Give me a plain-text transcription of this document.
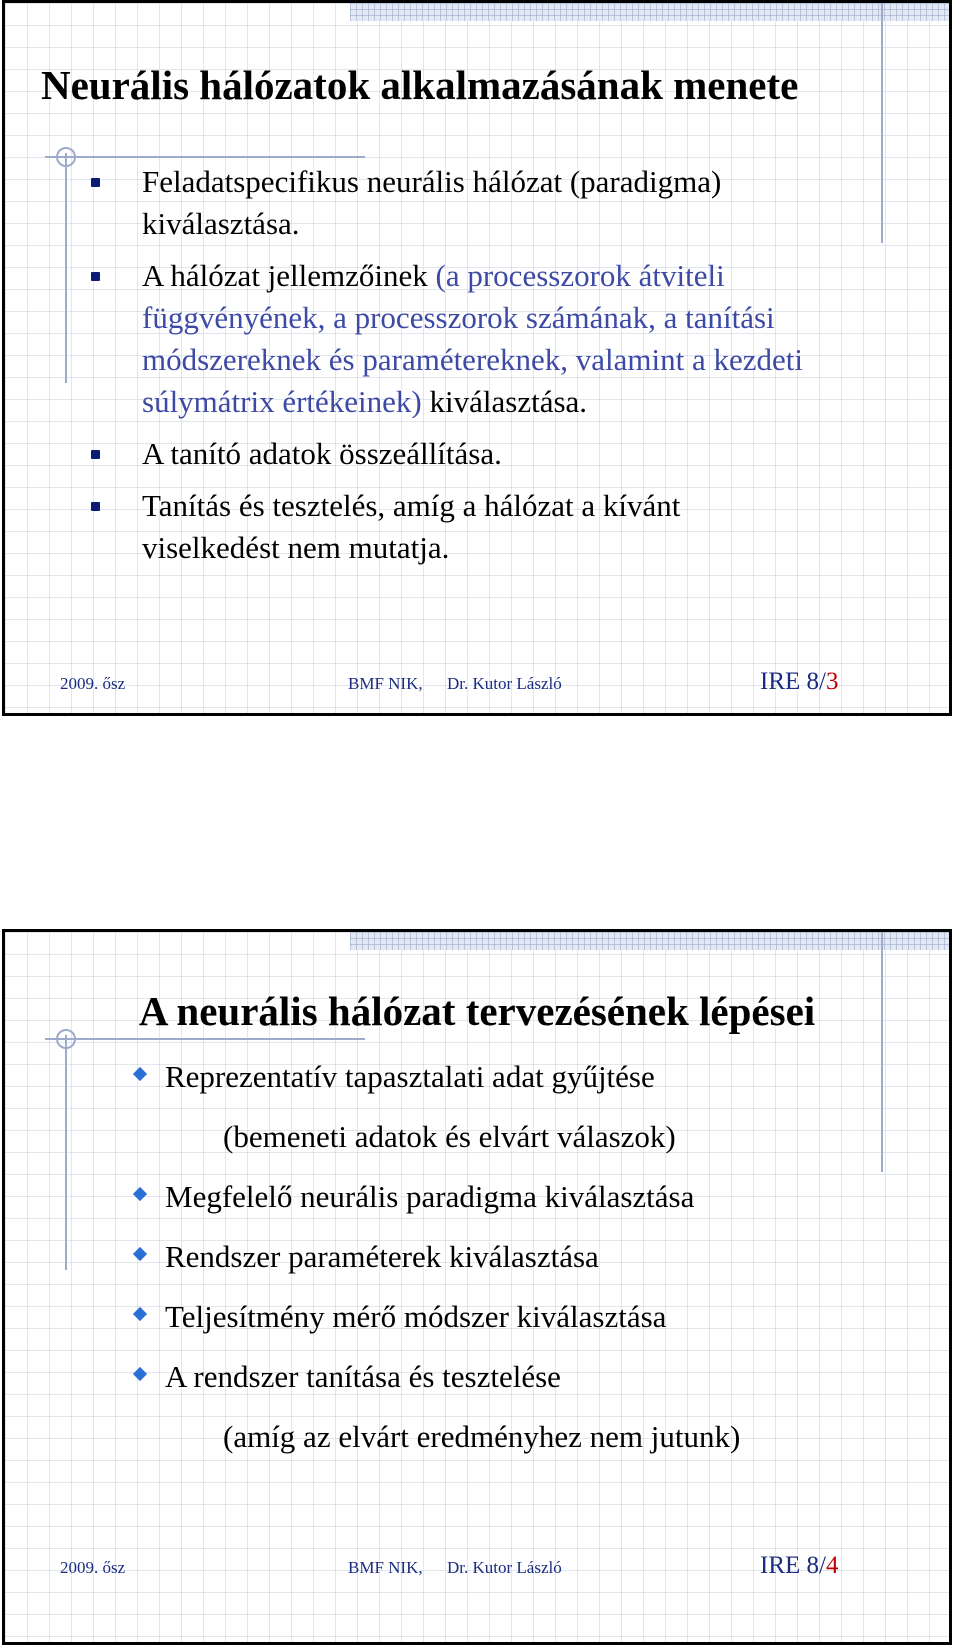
Neurális hálózatok alkalmazásának menete
Feladatspecifikus neurális hálózat (paradigma) kiválasztása.
A hálózat jellemzőinek (a processzorok átviteli függvényének, a processzorok számának, a tanítási módszereknek és paramétereknek, valamint a kezdeti súlymátrix értékeinek) kiválasztása.
A tanító adatok összeállítása.
Tanítás és tesztelés, amíg a hálózat a kívánt viselkedést nem mutatja.
2009. ősz	BMF NIK, Dr. Kutor László	IRE 8/3
A neurális hálózat tervezésének lépései
Reprezentatív tapasztalati adat gyűjtése
(bemeneti adatok és elvárt válaszok)
Megfelelő neurális paradigma kiválasztása
Rendszer paraméterek kiválasztása
Teljesítmény mérő módszer kiválasztása
A rendszer tanítása és tesztelése
(amíg az elvárt eredményhez nem jutunk)
2009. ősz	BMF NIK, Dr. Kutor László	IRE 8/4
